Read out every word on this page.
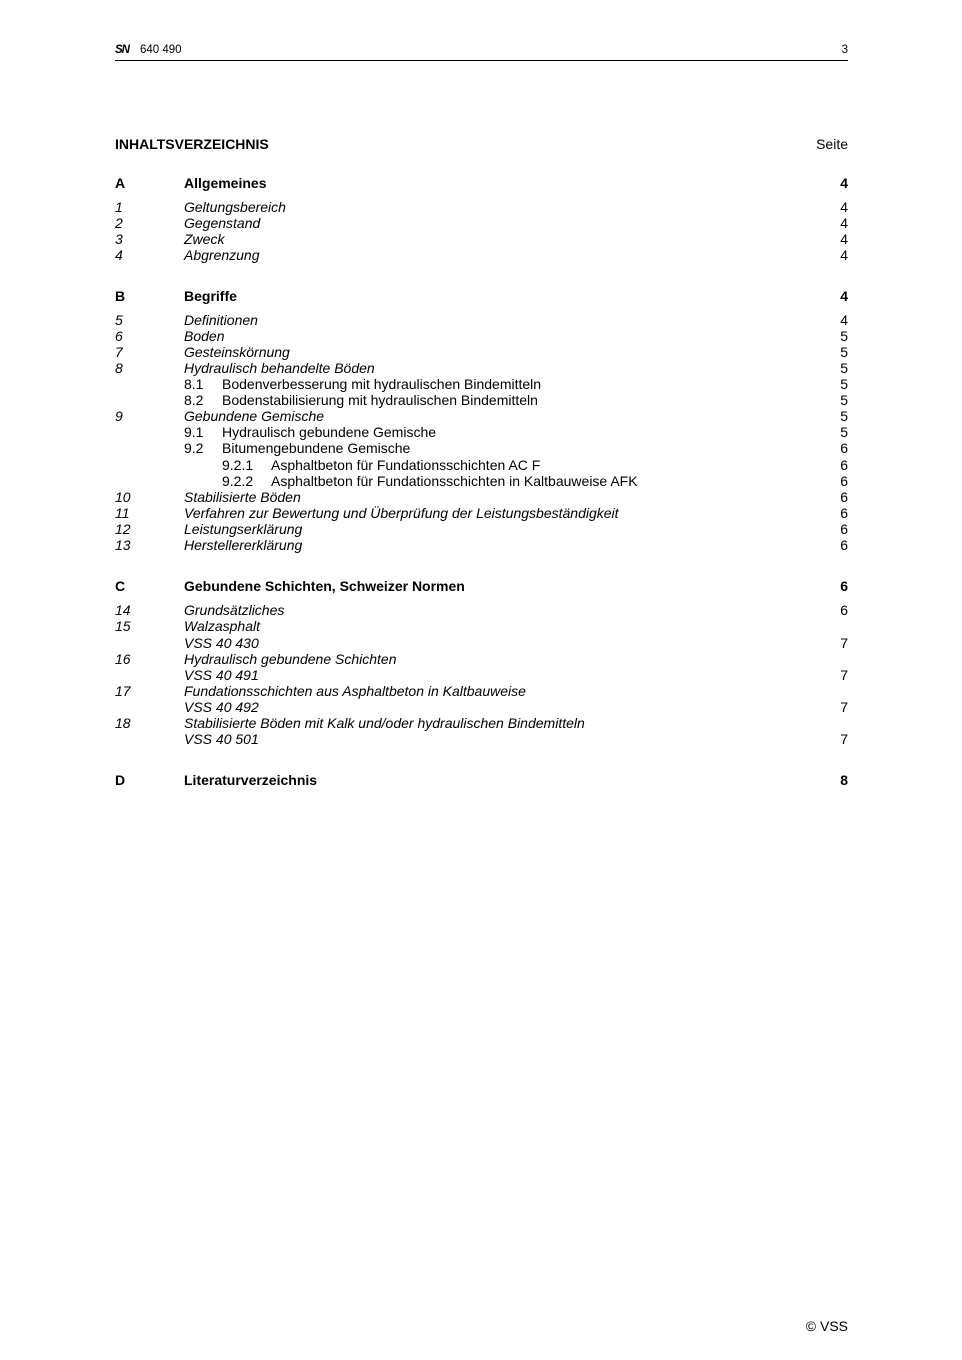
SN 640 490	3
INHALTSVERZEICHNIS	Seite
A	Allgemeines	4
1	Geltungsbereich	4
2	Gegenstand	4
3	Zweck	4
4	Abgrenzung	4
B	Begriffe	4
5	Definitionen	4
6	Boden	5
7	Gesteinskörnung	5
8	Hydraulisch behandelte Böden	5
8.1 Bodenverbesserung mit hydraulischen Bindemitteln	5
8.2 Bodenstabilisierung mit hydraulischen Bindemitteln	5
9	Gebundene Gemische	5
9.1 Hydraulisch gebundene Gemische	5
9.2 Bitumengebundene Gemische	6
9.2.1 Asphaltbeton für Fundationsschichten AC F	6
9.2.2 Asphaltbeton für Fundationsschichten in Kaltbauweise AFK	6
10	Stabilisierte Böden	6
11	Verfahren zur Bewertung und Überprüfung der Leistungsbeständigkeit	6
12	Leistungserklärung	6
13	Herstellererklärung	6
C	Gebundene Schichten, Schweizer Normen	6
14	Grundsätzliches	6
15	Walzasphalt
VSS 40 430	7
16	Hydraulisch gebundene Schichten
VSS 40 491	7
17	Fundationsschichten aus Asphaltbeton in Kaltbauweise
VSS 40 492	7
18	Stabilisierte Böden mit Kalk und/oder hydraulischen Bindemitteln
VSS 40 501	7
D	Literaturverzeichnis	8
© VSS
